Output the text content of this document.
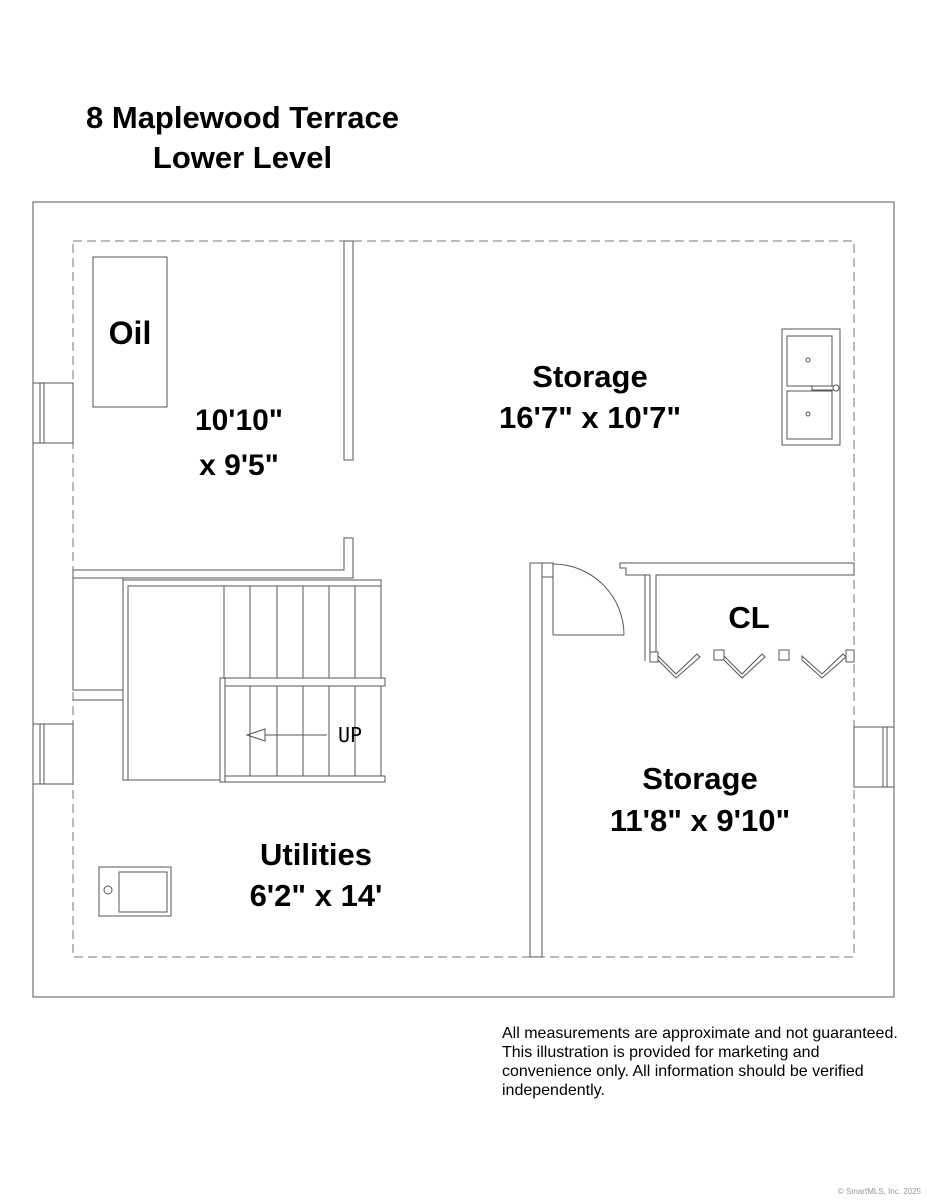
8 Maplewood Terrace
Lower Level
UP
Oil
10'10"
x 9'5"
Storage
16'7" x 10'7"
CL
Storage
11'8" x 9'10"
Utilities
6'2" x 14'
All measurements are approximate and not guaranteed. This illustration is provided for marketing and convenience only. All information should be verified independently.
© SmartMLS, Inc. 2025
